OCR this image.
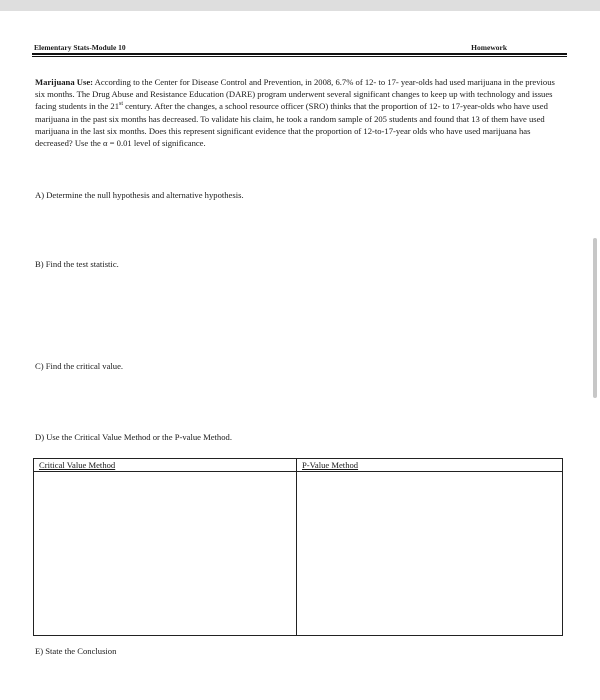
Elementary Stats-Module 10	Homework
Marijuana Use: According to the Center for Disease Control and Prevention, in 2008, 6.7% of 12- to 17- year-olds had used marijuana in the previous six months. The Drug Abuse and Resistance Education (DARE) program underwent several significant changes to keep up with technology and issues facing students in the 21st century. After the changes, a school resource officer (SRO) thinks that the proportion of 12- to 17-year-olds who have used marijuana in the past six months has decreased. To validate his claim, he took a random sample of 205 students and found that 13 of them have used marijuana in the last six months. Does this represent significant evidence that the proportion of 12-to-17-year olds who have used marijuana has decreased? Use the α = 0.01 level of significance.
A) Determine the null hypothesis and alternative hypothesis.
B) Find the test statistic.
C) Find the critical value.
D) Use the Critical Value Method or the P-value Method.
Critical Value Method	P-Value Method
E) State the Conclusion
